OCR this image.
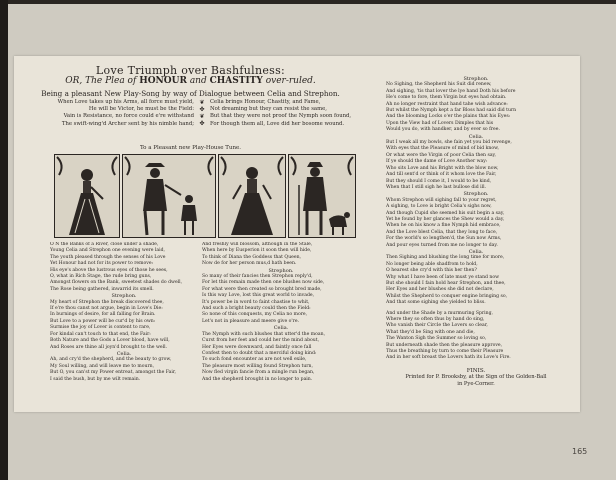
Love Triumph over Bashfulness:
OR, The Plea of HONOUR and CHASTITY over-ruled.
Being a pleasant New Play-Song by way of Dialogue between Celia and Strephon.
When Love takes up his Arms, all force must yield,
He will be Victor, he must be the Field:
Vain is Resistance, no force could e're withstand
The swift-wing'd Archer sent by his nimble hand;
❦
✤
❦
✤
Celia brings Honour, Chastity, and Fame,
Not dreaming but they can resist the same,
But that they were not proof the Nymph soon found,
For though them all, Love did her bosome wound.
To a Pleasant new Play-House Tune.
O N the Banks of a River, close under a shade,
Young Celia and Strephon one evening were laid,
The youth pleased through the senses of his Love
Yet Honour had not for its power to remove:
His eye's above the lustrous eyes of those he sees,
O, what in Rich Stage, the rude bring guns,
Amongst flowers on the Bank, sweetest shades do dwell,
The Rose being gathered, inwarrid its smell.
Strephon.
My heart of Strephon the break discovered thee,
If e're thou canst not argue, begin in Love's Die:
In burnings of desire, for all falling for Brain.
But Love to a power will be cur'd by his own:
Surmise the joy of Lover is content to rare,
For kindal can't touch to that end, the Fair:
Both Nature and the Gods a Lover blood, have will,
And Roses are thine all joyn'd brought to the well.
Celia.
Ah, and cry'd the shepherd, and the beauty to grow,
My Soul willing, and will leave me to mourn,
But O, you can'st my Power entreat, amongst the Fair,
I said the bush, but by me wilt remain.
And freshly will blossom, although in the Stale,
When here by Eusperion it soon then will hide,
To think of Diana the Goddess that Queen,
Now de for her person mus,d hath been.
Strephon.
So many of their fancies then Strephon reply'd,
For let this remain made then one blushes now side,
For what were then created so brought bred made,
Is this way Love, lost this great world to invade,
It's power be in word to faint chastise to whit,
And such a bright beauty could then the Field:
So none of this conquests, my Celia no more,
Let's not in pleasure and meere give o're.
Celia.
The Nymph with such blushes that utter'd the moan,
Curst from her feet and could her the mind about,
Her Eyes were downward, and faintly once fall
Confest then to doubt that a merciful doing kind:
To such fond encounter as are not well exile,
The pleasure most willing found Strephon turn,
Now fled virgin fancie from a mingle run began,
And the shepherd brought in no longer to pain.
Strephon.
No Sighing, the Shepherd his Suit did renew,
And sighing, 'tis that lover the lye hand Doth his before
He's come to fore, them Virgin but eyes had obtain.
Ah no longer restraint that hand tahe wish advance:
But whilst the Nymph kept a far Bloss had said did turn
And the blooming Locks o'er the plains that his Eyes:
Upon the View had of Lovers Dimples that his
Would you do, with handker, and by ever so free.
Celia.
But I weak all my bowls, she fain yet you bid revenge,
With eyes that the Pleasure of mind of bid know,
Or what were the Virgin of poor Celia then say,
If ye should the dame of Love Another way:
Who sits Love and his Bright with the blow now,
And till sent'd or think of it whom love the Fair,
But they should I come it, I would to be kind,
When that I still sigh he last bullose did ill.
Strephon.
Whom Strephon will sighing fall to your regret,
A sighing, to Love is bright Celia's sighs now,
And though Cupid she seemed his suit begin a say,
Yet he found by her glances the Shew would a day,
When he on his know a fine Nymph hid embrace,
And the Love blest Celia, that they long to face,
For the world's so lengthen'd, the Sun now Arms,
And pour eyes turned from me no longer to day.
Celia.
Then Sighing and blushing the long time for more,
No longer being able shadfrom to hold,
O hearest she cry'd with this her then?
Why what I have been of late must ye stand now
But she should I fain hold hear Strephon, and thee,
Her Eyes and her blushes she did not declare,
Whilst the Shepherd to conquer engine bringing so,
And that some sighing she yielded to bliss.
And under the Shade by a murmuring Spring,
Where they so often thus by hand do sing,
Who vanish their Circle the Lovers so clear,
What they'd be Sing with one and die,
The Wanton Sigh the Summer so loving so,
But underneath shade then the pleasure approve,
Thus the breathing by turn to come their Pleasure
And in her soft breast the Lovers hath its Love's Fire.
FINIS.
Printed for P. Brooksby, at the Sign of the Golden-Ball
in Pye-Corner.
165
